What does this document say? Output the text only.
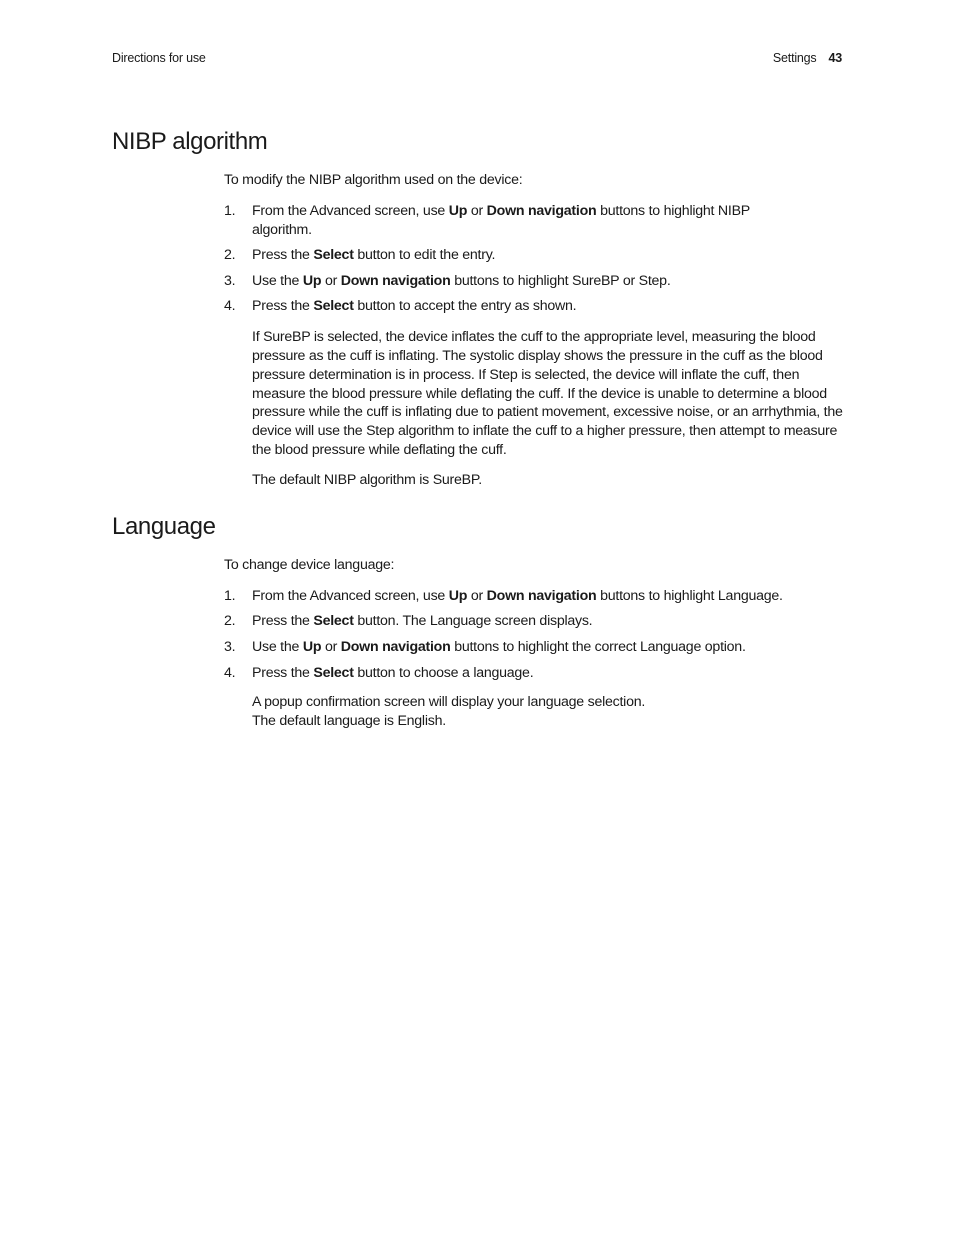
Directions for use	Settings 43
NIBP algorithm

To modify the NIBP algorithm used on the device:

1. From the Advanced screen, use Up or Down navigation buttons to highlight NIBP algorithm.
2. Press the Select button to edit the entry.
3. Use the Up or Down navigation buttons to highlight SureBP or Step.
4. Press the Select button to accept the entry as shown.

If SureBP is selected, the device inflates the cuff to the appropriate level, measuring the blood pressure as the cuff is inflating. The systolic display shows the pressure in the cuff as the blood pressure determination is in process. If Step is selected, the device will inflate the cuff, then measure the blood pressure while deflating the cuff. If the device is unable to determine a blood pressure while the cuff is inflating due to patient movement, excessive noise, or an arrhythmia, the device will use the Step algorithm to inflate the cuff to a higher pressure, then attempt to measure the blood pressure while deflating the cuff.

The default NIBP algorithm is SureBP.

Language

To change device language:

1. From the Advanced screen, use Up or Down navigation buttons to highlight Language.
2. Press the Select button. The Language screen displays.
3. Use the Up or Down navigation buttons to highlight the correct Language option.
4. Press the Select button to choose a language.

A popup confirmation screen will display your language selection.
The default language is English.
